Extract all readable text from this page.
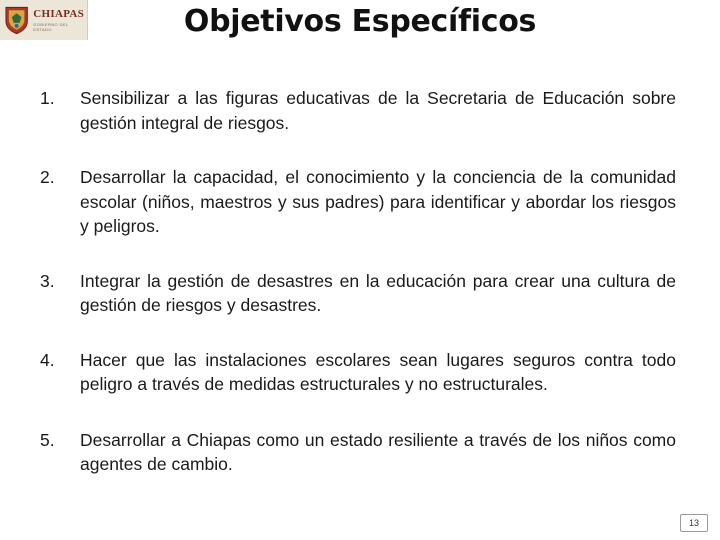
CHIAPAS
GOBIERNO DEL ESTADO	Objetivos Específicos
1.	Sensibilizar a las figuras educativas de la Secretaria de Educación sobre gestión integral de riesgos.
2.	Desarrollar la capacidad, el conocimiento y la conciencia de la comunidad escolar (niños, maestros y sus padres) para identificar y abordar los riesgos y peligros.
3.	Integrar la gestión de desastres en la educación para crear una cultura de gestión de riesgos y desastres.
4.	Hacer que las instalaciones escolares sean lugares seguros contra todo peligro a través de medidas estructurales y no estructurales.
5.	Desarrollar a Chiapas como un estado resiliente a través de los niños como agentes de cambio.
13
